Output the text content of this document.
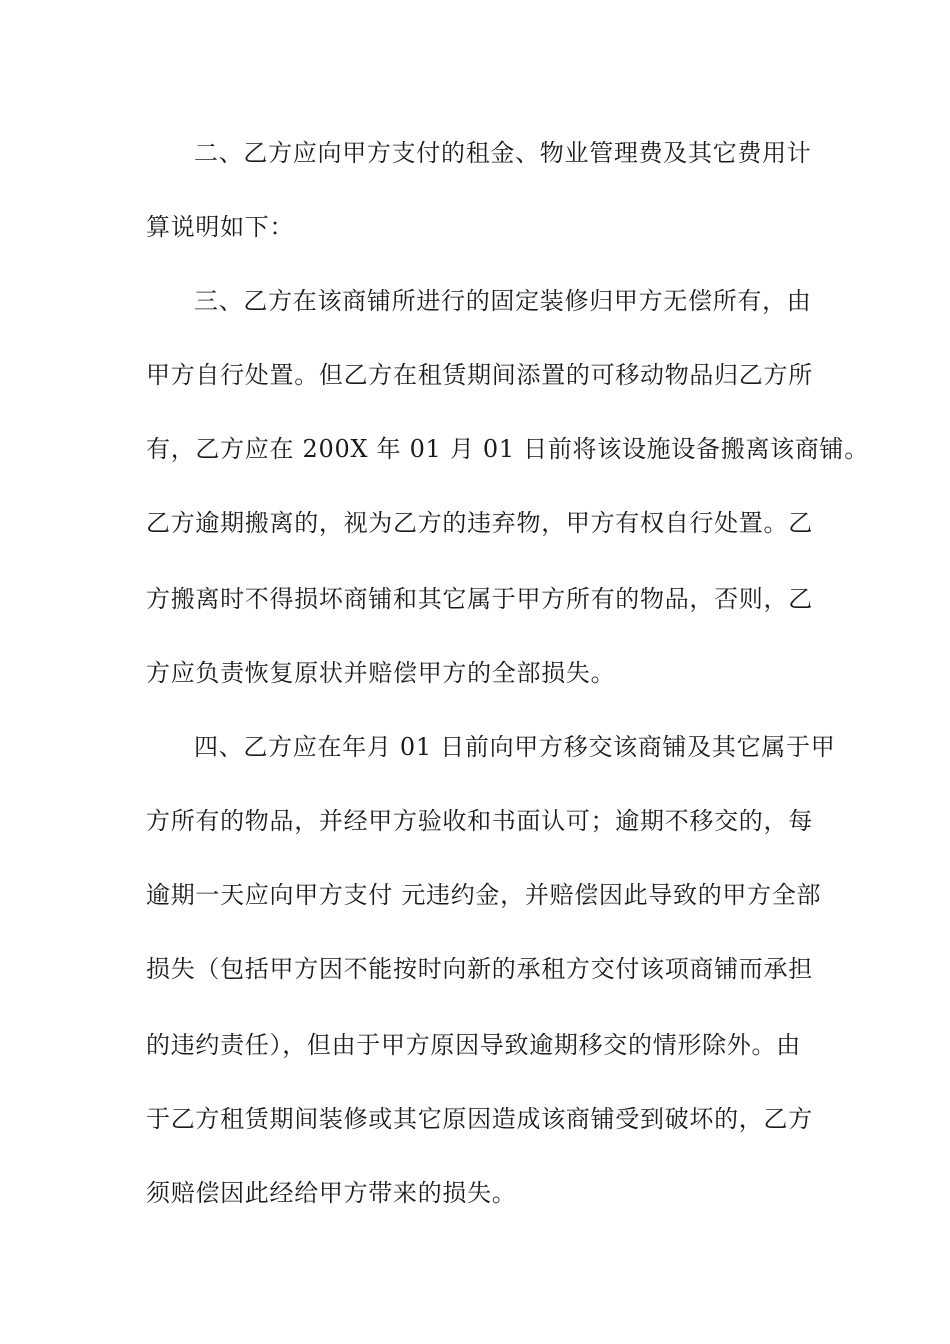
二、乙方应向甲方支付的租金、物业管理费及其它费用计
算说明如下：
三、乙方在该商铺所进行的固定装修归甲方无偿所有，由
甲方自行处置。但乙方在租赁期间添置的可移动物品归乙方所
有，乙方应在 200X 年 01 月 01 日前将该设施设备搬离该商铺。
乙方逾期搬离的，视为乙方的违弃物，甲方有权自行处置。乙
方搬离时不得损坏商铺和其它属于甲方所有的物品，否则，乙
方应负责恢复原状并赔偿甲方的全部损失。
四、乙方应在年月 01 日前向甲方移交该商铺及其它属于甲
方所有的物品，并经甲方验收和书面认可；逾期不移交的，每
逾期一天应向甲方支付 元违约金，并赔偿因此导致的甲方全部
损失（包括甲方因不能按时向新的承租方交付该项商铺而承担
的违约责任），但由于甲方原因导致逾期移交的情形除外。由
于乙方租赁期间装修或其它原因造成该商铺受到破坏的，乙方
须赔偿因此经给甲方带来的损失。
